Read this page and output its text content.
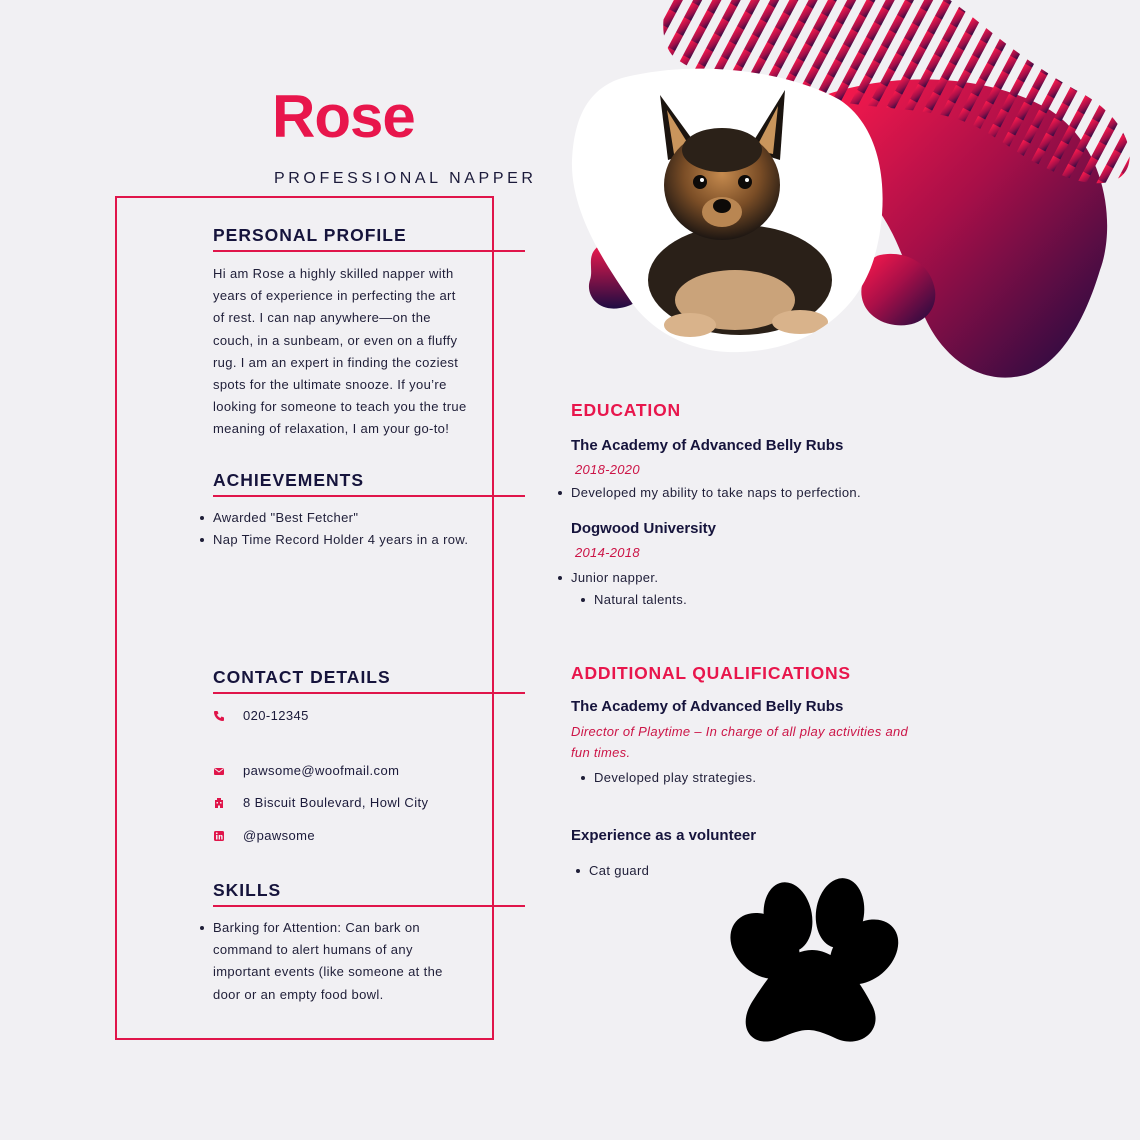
Rose
PROFESSIONAL NAPPER
PERSONAL PROFILE
Hi am Rose a highly skilled napper with years of experience in perfecting the art of rest. I can nap anywhere—on the couch, in a sunbeam, or even on a fluffy rug. I am an expert in finding the coziest spots for the ultimate snooze. If you’re looking for someone to teach you the true meaning of relaxation, I am your go-to!
ACHIEVEMENTS
Awarded "Best Fetcher"
Nap Time Record Holder 4 years in a row.
CONTACT DETAILS
020-12345
pawsome@woofmail.com
8 Biscuit Boulevard, Howl City
@pawsome
SKILLS
Barking for Attention: Can bark on command to alert humans of any important events (like someone at the door or an empty food bowl.
EDUCATION
The Academy of Advanced Belly Rubs
2018-2020
Developed my ability to take naps to perfection.
Dogwood University
2014-2018
Junior napper.
Natural talents.
ADDITIONAL QUALIFICATIONS
The Academy of Advanced Belly Rubs
Director of Playtime – In charge of all play activities and fun times.
Developed play strategies.
Experience as a volunteer
Cat guard
